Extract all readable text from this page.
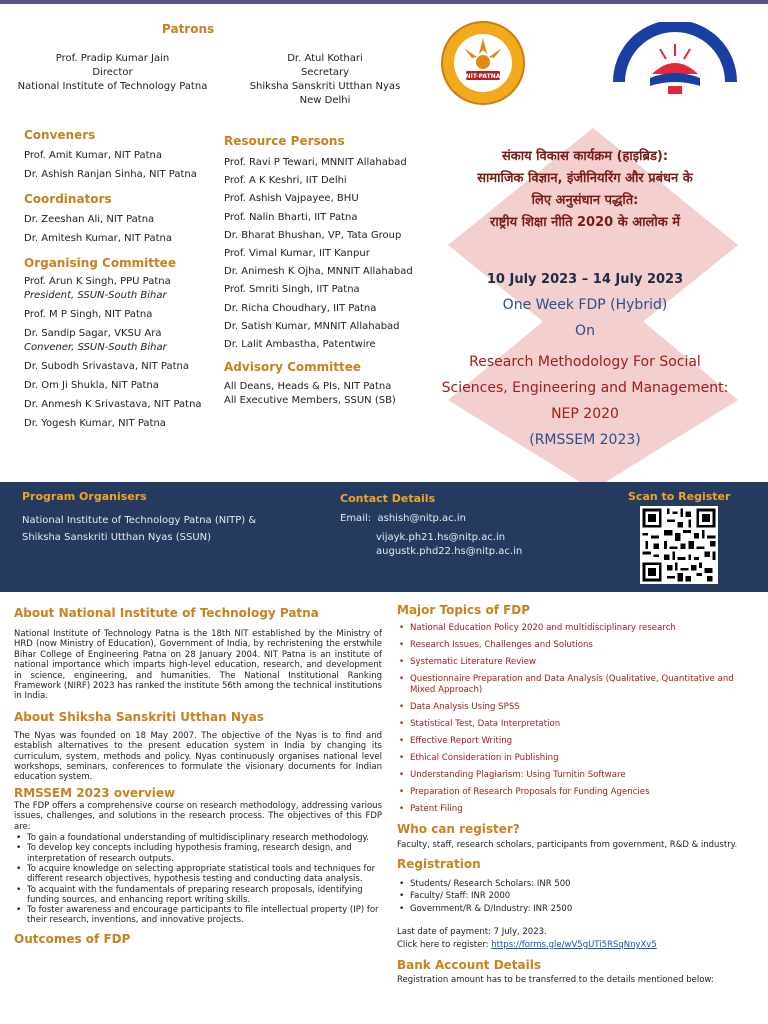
Patrons
Prof. Pradip Kumar Jain
Director
National Institute of Technology Patna
Dr. Atul Kothari
Secretary
Shiksha Sanskriti Utthan Nyas
New Delhi
NIT-PATNA
Conveners
Prof. Amit Kumar, NIT Patna
Dr. Ashish Ranjan Sinha, NIT Patna
Coordinators
Dr. Zeeshan Ali, NIT Patna
Dr. Amitesh Kumar, NIT Patna
Organising Committee
Prof. Arun K Singh, PPU Patna
President, SSUN-South Bihar
Prof. M P Singh, NIT Patna
Dr. Sandip Sagar, VKSU Ara
Convener, SSUN-South Bihar
Dr. Subodh Srivastava, NIT Patna
Dr. Om Ji Shukla, NIT Patna
Dr. Anmesh K Srivastava, NIT Patna
Dr. Yogesh Kumar, NIT Patna
Resource Persons
Prof. Ravi P Tewari, MNNIT Allahabad
Prof. A K Keshri, IIT Delhi
Prof. Ashish Vajpayee, BHU
Prof. Nalin Bharti, IIT Patna
Dr. Bharat Bhushan, VP, Tata Group
Prof. Vimal Kumar, IIT Kanpur
Dr. Animesh K Ojha, MNNIT Allahabad
Prof. Smriti Singh, IIT Patna
Dr. Richa Choudhary, IIT Patna
Dr. Satish Kumar, MNNIT Allahabad
Dr. Lalit Ambastha, Patentwire
Advisory Committee
All Deans, Heads & PIs, NIT Patna
All Executive Members, SSUN (SB)
संकाय विकास कार्यक्रम (हाइब्रिड):
सामाजिक विज्ञान, इंजीनियरिंग और प्रबंधन के
लिए अनुसंधान पद्धति:
राष्ट्रीय शिक्षा नीति 2020 के आलोक में
10 July 2023 – 14 July 2023
One Week FDP (Hybrid)
On
Research Methodology For Social
Sciences, Engineering and Management:
NEP 2020
(RMSSEM 2023)
Program Organisers
National Institute of Technology Patna (NITP) &
Shiksha Sanskriti Utthan Nyas (SSUN)
Contact Details
Email: ashish@nitp.ac.in
vijayk.ph21.hs@nitp.ac.in
augustk.phd22.hs@nitp.ac.in
Scan to Register
About National Institute of Technology Patna
National Institute of Technology Patna is the 18th NIT established by the Ministry of HRD (now Ministry of Education), Government of India, by rechristening the erstwhile Bihar College of Engineering Patna on 28 January 2004. NIT Patna is an institute of national importance which imparts high-level education, research, and development in science, engineering, and humanities. The National Institutional Ranking Framework (NIRF) 2023 has ranked the institute 56th among the technical institutions in India.
About Shiksha Sanskriti Utthan Nyas
The Nyas was founded on 18 May 2007. The objective of the Nyas is to find and establish alternatives to the present education system in India by changing its curriculum, system, methods and policy. Nyas continuously organises national level workshops, seminars, conferences to formulate the visionary documents for Indian education system.
RMSSEM 2023 overview
The FDP offers a comprehensive course on research methodology, addressing various issues, challenges, and solutions in the research process. The objectives of this FDP are:
• To gain a foundational understanding of multidisciplinary research methodology.
• To develop key concepts including hypothesis framing, research design, and interpretation of research outputs.
• To acquire knowledge on selecting appropriate statistical tools and techniques for different research objectives, hypothesis testing and conducting data analysis.
• To acquaint with the fundamentals of preparing research proposals, identifying funding sources, and enhancing report writing skills.
• To foster awareness and encourage participants to file intellectual property (IP) for their research, inventions, and innovative projects.
Outcomes of FDP
Major Topics of FDP
• National Education Policy 2020 and multidisciplinary research
• Research Issues, Challenges and Solutions
• Systematic Literature Review
• Questionnaire Preparation and Data Analysis (Qualitative, Quantitative and Mixed Approach)
• Data Analysis Using SPSS
• Statistical Test, Data Interpretation
• Effective Report Writing
• Ethical Consideration in Publishing
• Understanding Plagiarism: Using Turnitin Software
• Preparation of Research Proposals for Funding Agencies
• Patent Filing
Who can register?
Faculty, staff, research scholars, participants from government, R&D & industry.
Registration
• Students/ Research Scholars: INR 500
• Faculty/ Staff: INR 2000
• Government/R & D/Industry: INR 2500
Last date of payment: 7 July, 2023.
Click here to register: https://forms.gle/wV5gUTi5RSqNnyXv5
Bank Account Details
Registration amount has to be transferred to the details mentioned below:
